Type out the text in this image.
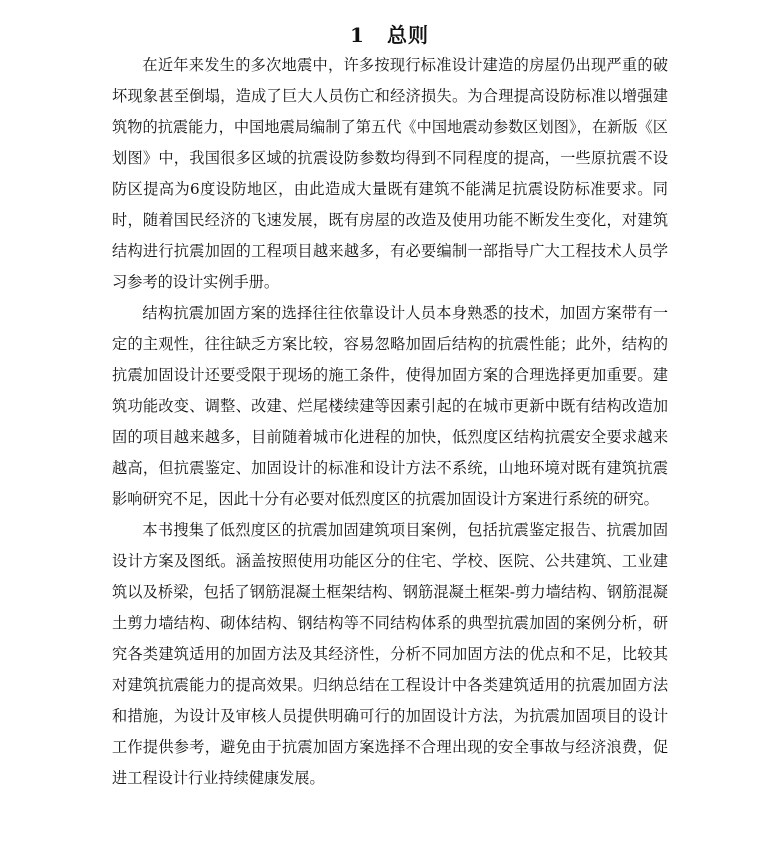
1 总则

在近年来发生的多次地震中，许多按现行标准设计建造的房屋仍出现严重的破坏现象甚至倒塌，造成了巨大人员伤亡和经济损失。为合理提高设防标准以增强建筑物的抗震能力，中国地震局编制了第五代《中国地震动参数区划图》，在新版《区划图》中，我国很多区域的抗震设防参数均得到不同程度的提高，一些原抗震不设防区提高为6度设防地区，由此造成大量既有建筑不能满足抗震设防标准要求。同时，随着国民经济的飞速发展，既有房屋的改造及使用功能不断发生变化，对建筑结构进行抗震加固的工程项目越来越多，有必要编制一部指导广大工程技术人员学习参考的设计实例手册。

结构抗震加固方案的选择往往依靠设计人员本身熟悉的技术，加固方案带有一定的主观性，往往缺乏方案比较，容易忽略加固后结构的抗震性能；此外，结构的抗震加固设计还要受限于现场的施工条件，使得加固方案的合理选择更加重要。建筑功能改变、调整、改建、烂尾楼续建等因素引起的在城市更新中既有结构改造加固的项目越来越多，目前随着城市化进程的加快，低烈度区结构抗震安全要求越来越高，但抗震鉴定、加固设计的标准和设计方法不系统，山地环境对既有建筑抗震影响研究不足，因此十分有必要对低烈度区的抗震加固设计方案进行系统的研究。

本书搜集了低烈度区的抗震加固建筑项目案例，包括抗震鉴定报告、抗震加固设计方案及图纸。涵盖按照使用功能区分的住宅、学校、医院、公共建筑、工业建筑以及桥梁，包括了钢筋混凝土框架结构、钢筋混凝土框架-剪力墙结构、钢筋混凝土剪力墙结构、砌体结构、钢结构等不同结构体系的典型抗震加固的案例分析，研究各类建筑适用的加固方法及其经济性，分析不同加固方法的优点和不足，比较其对建筑抗震能力的提高效果。归纳总结在工程设计中各类建筑适用的抗震加固方法和措施，为设计及审核人员提供明确可行的加固设计方法，为抗震加固项目的设计工作提供参考，避免由于抗震加固方案选择不合理出现的安全事故与经济浪费，促进工程设计行业持续健康发展。
